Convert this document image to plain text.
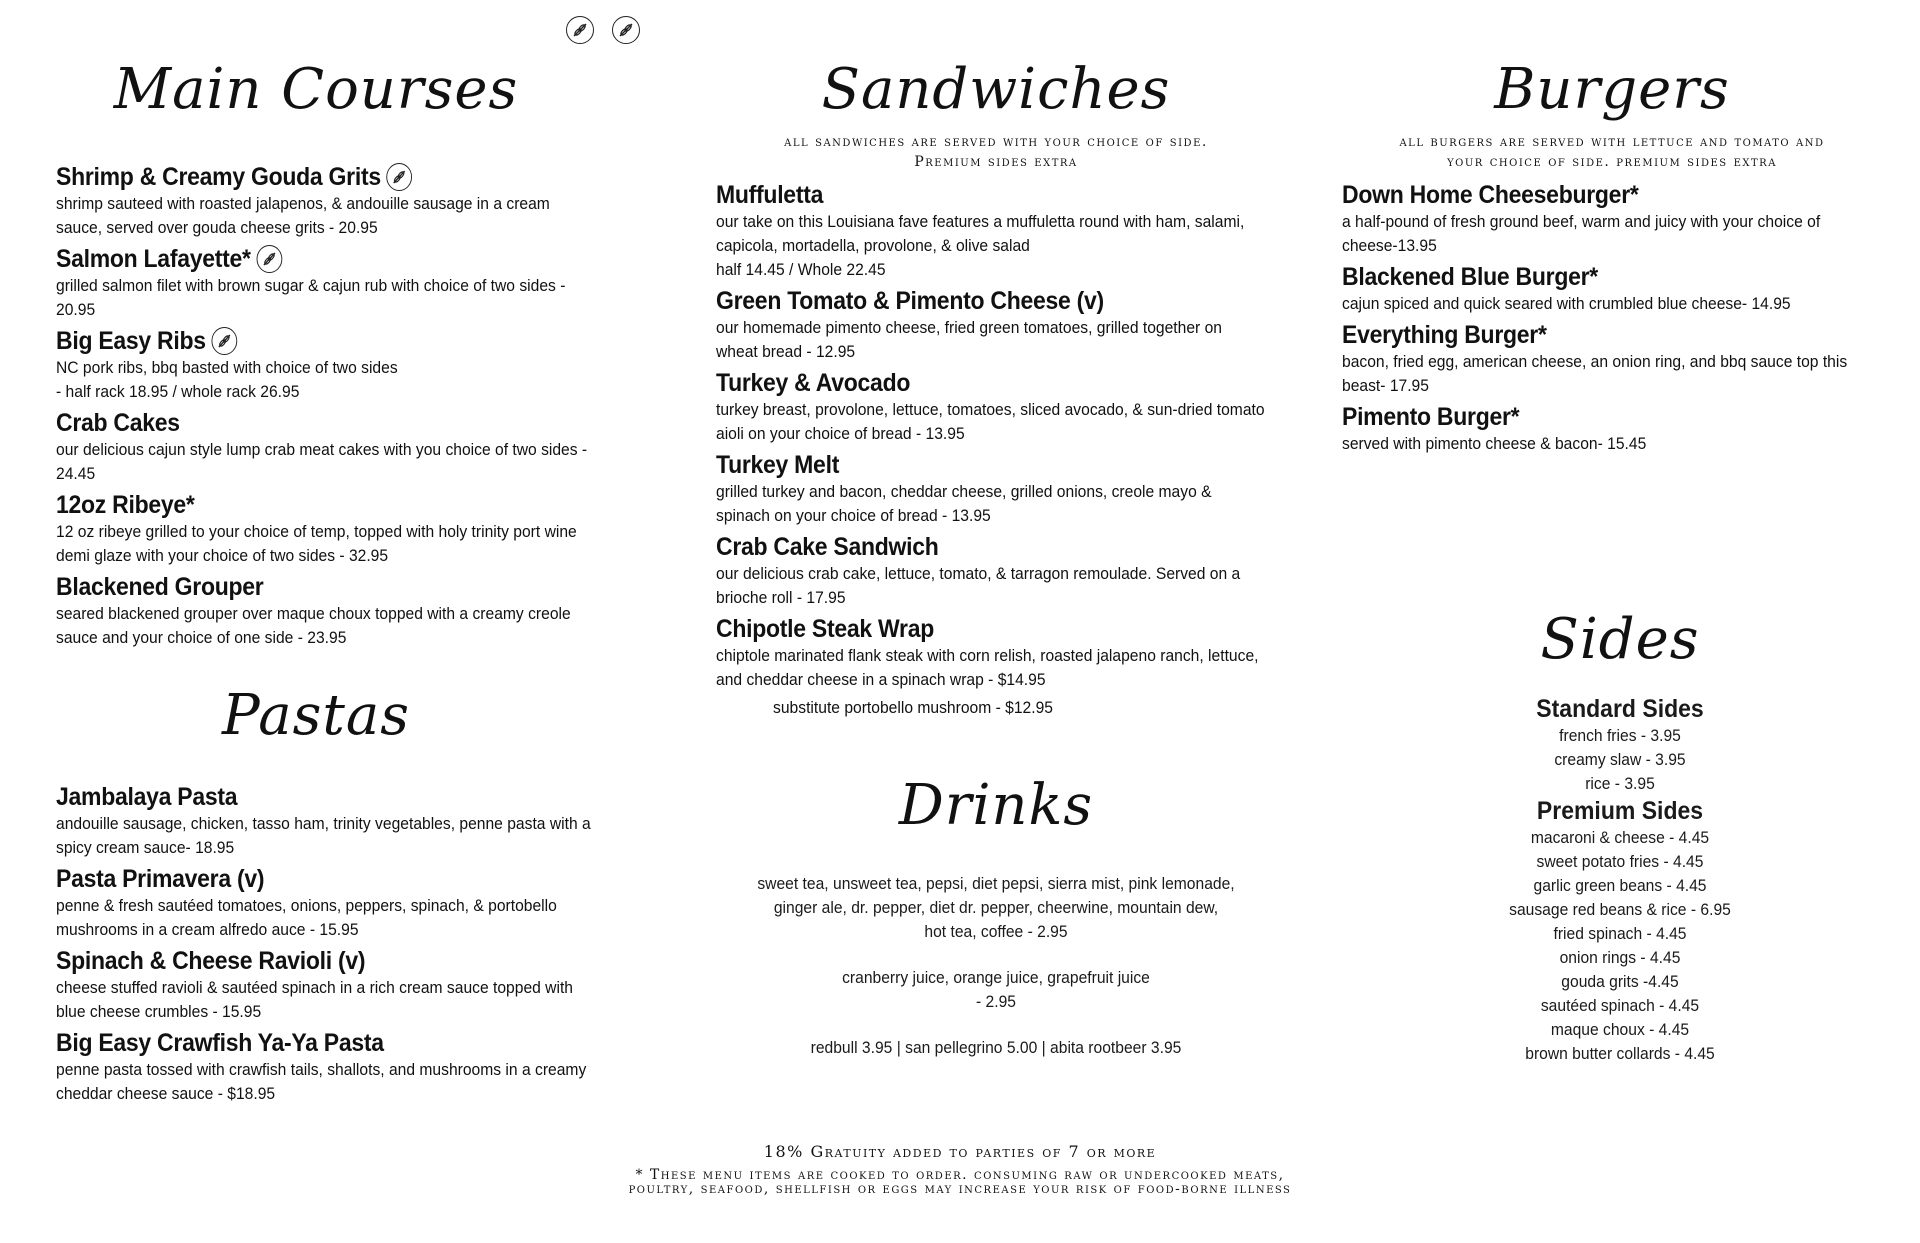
Main Courses
Shrimp & Creamy Gouda Grits
shrimp sauteed with roasted jalapenos, & andouille sausage in a cream sauce, served over gouda cheese grits - 20.95
Salmon Lafayette*
grilled salmon filet with brown sugar & cajun rub with choice of two sides - 20.95
Big Easy Ribs
NC pork ribs, bbq basted with choice of two sides
- half rack 18.95 / whole rack 26.95
Crab Cakes
our delicious cajun style lump crab meat cakes with you choice of two sides - 24.45
12oz Ribeye*
12 oz ribeye grilled to your choice of temp, topped with holy trinity port wine demi glaze with your choice of two sides - 32.95
Blackened Grouper
seared blackened grouper over maque choux topped with a creamy creole sauce and your choice of one side - 23.95
Pastas
Jambalaya Pasta
andouille sausage, chicken, tasso ham, trinity vegetables, penne pasta with a spicy cream sauce- 18.95
Pasta Primavera (v)
penne & fresh sautéed tomatoes, onions, peppers, spinach, & portobello mushrooms in a cream alfredo auce - 15.95
Spinach & Cheese Ravioli (v)
cheese stuffed ravioli & sautéed spinach in a rich cream sauce topped with blue cheese crumbles - 15.95
Big Easy Crawfish Ya-Ya Pasta
penne pasta tossed with crawfish tails, shallots, and mushrooms in a creamy cheddar cheese sauce - $18.95
Sandwiches
all sandwiches are served with your choice of side.
Premium sides extra
Muffuletta
our take on this Louisiana fave features a muffuletta round with ham, salami, capicola, mortadella, provolone, & olive salad
half 14.45 / Whole 22.45
Green Tomato & Pimento Cheese (v)
our homemade pimento cheese, fried green tomatoes, grilled together on wheat bread - 12.95
Turkey & Avocado
turkey breast, provolone, lettuce, tomatoes, sliced avocado, & sun-dried tomato aioli on your choice of bread - 13.95
Turkey Melt
grilled turkey and bacon, cheddar cheese, grilled onions, creole mayo & spinach on your choice of bread - 13.95
Crab Cake Sandwich
our delicious crab cake, lettuce, tomato, & tarragon remoulade. Served on a brioche roll - 17.95
Chipotle Steak Wrap
chiptole marinated flank steak with corn relish, roasted jalapeno ranch, lettuce, and cheddar cheese in a spinach wrap - $14.95
substitute portobello mushroom - $12.95
Drinks
sweet tea, unsweet tea, pepsi, diet pepsi, sierra mist, pink lemonade,
ginger ale, dr. pepper, diet dr. pepper, cheerwine, mountain dew,
hot tea, coffee - 2.95
cranberry juice, orange juice, grapefruit juice
- 2.95
redbull 3.95 | san pellegrino 5.00 | abita rootbeer 3.95
Burgers
all burgers are served with lettuce and tomato and
your choice of side. premium sides extra
Down Home Cheeseburger*
a half-pound of fresh ground beef, warm and juicy with your choice of cheese-13.95
Blackened Blue Burger*
cajun spiced and quick seared with crumbled blue cheese- 14.95
Everything Burger*
bacon, fried egg, american cheese, an onion ring, and bbq sauce top this beast- 17.95
Pimento Burger*
served with pimento cheese & bacon- 15.45
Sides
Standard Sides
french fries - 3.95
creamy slaw - 3.95
rice - 3.95
Premium Sides
macaroni & cheese - 4.45
sweet potato fries - 4.45
garlic green beans - 4.45
sausage red beans & rice - 6.95
fried spinach - 4.45
onion rings - 4.45
gouda grits -4.45
sautéed spinach - 4.45
maque choux - 4.45
brown butter collards - 4.45
18% Gratuity added to parties of 7 or more
* These menu items are cooked to order. consuming raw or undercooked meats,
poultry, seafood, shellfish or eggs may increase your risk of food-borne illness
